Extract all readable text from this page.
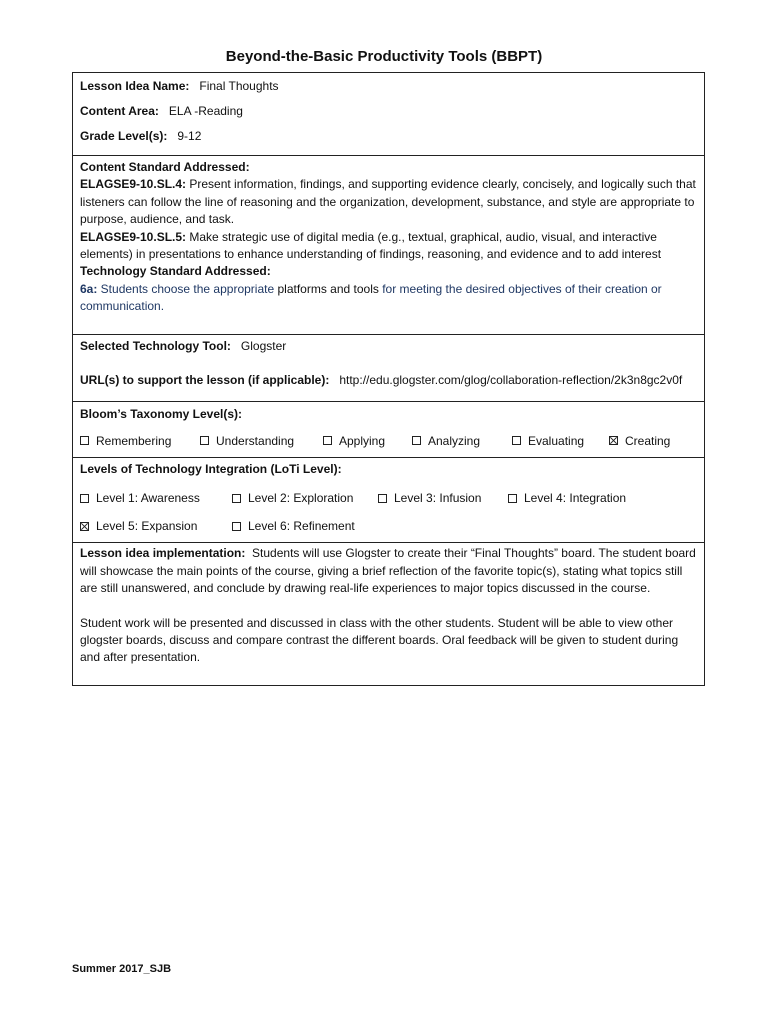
Beyond-the-Basic Productivity Tools (BBPT)
Lesson Idea Name: Final Thoughts
Content Area: ELA -Reading
Grade Level(s): 9-12
Content Standard Addressed:
ELAGSE9-10.SL.4: Present information, findings, and supporting evidence clearly, concisely, and logically such that listeners can follow the line of reasoning and the organization, development, substance, and style are appropriate to purpose, audience, and task.
ELAGSE9-10.SL.5: Make strategic use of digital media (e.g., textual, graphical, audio, visual, and interactive elements) in presentations to enhance understanding of findings, reasoning, and evidence and to add interest
Technology Standard Addressed:
6a: Students choose the appropriate platforms and tools for meeting the desired objectives of their creation or communication.
Selected Technology Tool: Glogster
URL(s) to support the lesson (if applicable): http://edu.glogster.com/glog/collaboration-reflection/2k3n8gc2v0f
Bloom’s Taxonomy Level(s):
Remembering	Understanding	Applying	Analyzing	Evaluating	Creating
Levels of Technology Integration (LoTi Level):
Level 1: Awareness	Level 2: Exploration	Level 3: Infusion	Level 4: Integration
Level 5: Expansion	Level 6: Refinement

Lesson idea implementation:  Students will use Glogster to create their “Final Thoughts” board. The student board will showcase the main points of the course, giving a brief reflection of the favorite topic(s), stating what topics still are still unanswered, and conclude by drawing real-life experiences to major topics discussed in the course.

Student work will be presented and discussed in class with the other students. Student will be able to view other glogster boards, discuss and compare contrast the different boards. Oral feedback will be given to student during and after presentation.

Summer 2017_SJB
